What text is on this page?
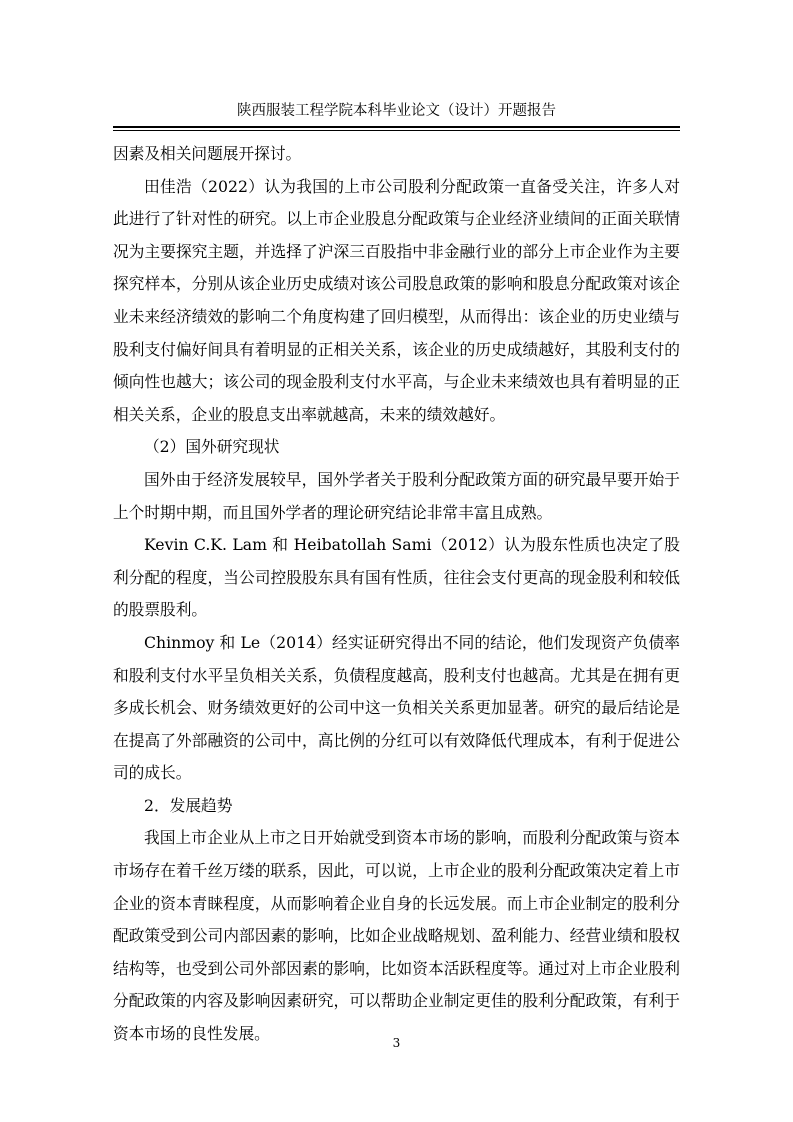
陕西服装工程学院本科毕业论文（设计）开题报告

因素及相关问题展开探讨。

田佳浩（2022）认为我国的上市公司股利分配政策一直备受关注，许多人对此进行了针对性的研究。以上市企业股息分配政策与企业经济业绩间的正面关联情况为主要探究主题，并选择了沪深三百股指中非金融行业的部分上市企业作为主要探究样本，分别从该企业历史成绩对该公司股息政策的影响和股息分配政策对该企业未来经济绩效的影响二个角度构建了回归模型，从而得出：该企业的历史业绩与股利支付偏好间具有着明显的正相关关系，该企业的历史成绩越好，其股利支付的倾向性也越大；该公司的现金股利支付水平高，与企业未来绩效也具有着明显的正相关关系，企业的股息支出率就越高，未来的绩效越好。

（2）国外研究现状

国外由于经济发展较早，国外学者关于股利分配政策方面的研究最早要开始于上个时期中期，而且国外学者的理论研究结论非常丰富且成熟。

Kevin C.K. Lam 和 Heibatollah Sami（2012）认为股东性质也决定了股利分配的程度，当公司控股股东具有国有性质，往往会支付更高的现金股利和较低的股票股利。

Chinmoy 和 Le（2014）经实证研究得出不同的结论，他们发现资产负债率和股利支付水平呈负相关关系，负债程度越高，股利支付也越高。尤其是在拥有更多成长机会、财务绩效更好的公司中这一负相关关系更加显著。研究的最后结论是在提高了外部融资的公司中，高比例的分红可以有效降低代理成本，有利于促进公司的成长。

2．发展趋势

我国上市企业从上市之日开始就受到资本市场的影响，而股利分配政策与资本市场存在着千丝万缕的联系，因此，可以说，上市企业的股利分配政策决定着上市企业的资本青睐程度，从而影响着企业自身的长远发展。而上市企业制定的股利分配政策受到公司内部因素的影响，比如企业战略规划、盈利能力、经营业绩和股权结构等，也受到公司外部因素的影响，比如资本活跃程度等。通过对上市企业股利分配政策的内容及影响因素研究，可以帮助企业制定更佳的股利分配政策，有利于资本市场的良性发展。	3
